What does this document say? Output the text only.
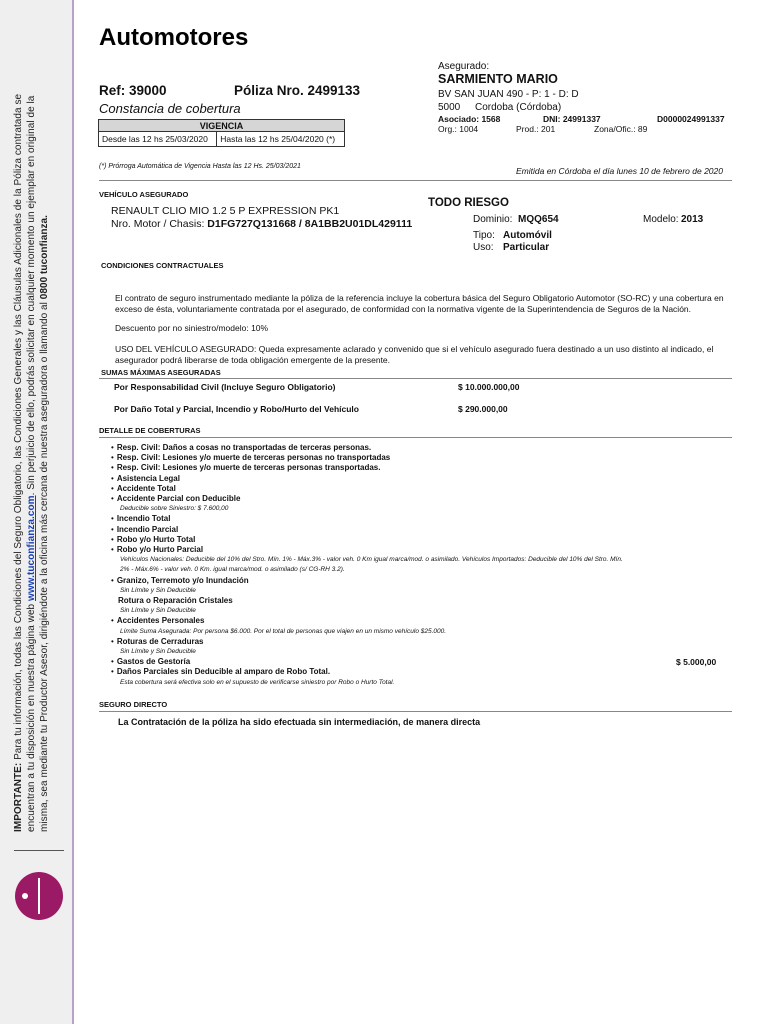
IMPORTANTE: Para tu información, todas las Condiciones del Seguro Obligatorio, las Condiciones Generales y las Cláusulas Adicionales de la Póliza contratada se encuentran a tu disposición en nuestra página web www.tuconfianza.com. Sin perjuicio de ello, podrás solicitar en cualquier momento un ejemplar en original de la misma, sea mediante tu Productor Asesor, dirigiéndote a la oficina más cercana de nuestra aseguradora o llamando al 0800 tuconfianza.
Automotores
Ref: 39000	Póliza Nro. 2499133
Constancia de cobertura
VIGENCIA
Desde las 12 hs 25/03/2020	Hasta las 12 hs 25/04/2020 (*)
Asegurado:
SARMIENTO MARIO
BV SAN JUAN 490 - P: 1 - D: D
5000 Cordoba (Córdoba)
Asociado: 1568	DNI: 24991337	D0000024991337
Org.: 1004	Prod.: 201	Zona/Ofic.: 89
(*) Prórroga Automática de Vigencia Hasta las 12 Hs. 25/03/2021	Emitida en Córdoba el día lunes 10 de febrero de 2020
VEHÍCULO ASEGURADO
RENAULT CLIO MIO 1.2 5 P EXPRESSION PK1
Nro. Motor / Chasis: D1FG727Q131668 / 8A1BB2U01DL429111
TODO RIESGO
Dominio: MQQ654	Modelo: 2013
Tipo: Automóvil
Uso: Particular
CONDICIONES CONTRACTUALES
El contrato de seguro instrumentado mediante la póliza de la referencia incluye la cobertura básica del Seguro Obligatorio Automotor (SO-RC) y una cobertura en exceso de ésta, voluntariamente contratada por el asegurado, de conformidad con la normativa vigente de la Superintendencia de Seguros de la Nación.
Descuento por no siniestro/modelo: 10%
USO DEL VEHÍCULO ASEGURADO: Queda expresamente aclarado y convenido que si el vehículo asegurado fuera destinado a un uso distinto al indicado, el asegurador podrá liberarse de toda obligación emergente de la presente.
SUMAS MÁXIMAS ASEGURADAS
Por Responsabilidad Civil (Incluye Seguro Obligatorio)	$ 10.000.000,00
Por Daño Total y Parcial, Incendio y Robo/Hurto del Vehículo	$ 290.000,00
DETALLE DE COBERTURAS
• Resp. Civil: Daños a cosas no transportadas de terceras personas.
• Resp. Civil: Lesiones y/o muerte de terceras personas no transportadas
• Resp. Civil: Lesiones y/o muerte de terceras personas transportadas.
• Asistencia Legal
• Accidente Total
• Accidente Parcial con Deducible
Deducible sobre Siniestro: $ 7.600,00
• Incendio Total
• Incendio Parcial
• Robo y/o Hurto Total
• Robo y/o Hurto Parcial
Vehículos Nacionales: Deducible del 10% del Stro. Mín. 1% - Máx.3% - valor veh. 0 Km igual marca/mod. o asimilado. Vehículos Importados: Deducible del 10% del Stro. Mín.
2% - Máx.6% - valor veh. 0 Km. igual marca/mod. o asimilado (s/ CG-RH 3.2).
• Granizo, Terremoto y/o Inundación
Sin Límite y Sin Deducible
Rotura o Reparación Cristales
Sin Límite y Sin Deducible
• Accidentes Personales
Límite Suma Asegurada: Por persona $6.000. Por el total de personas que viajen en un mismo vehículo $25.000.
• Roturas de Cerraduras
Sin Límite y Sin Deducible
• Gastos de Gestoría	$ 5.000,00
• Daños Parciales sin Deducible al amparo de Robo Total.
Esta cobertura será efectiva solo en el supuesto de verificarse siniestro por Robo o Hurto Total.
SEGURO DIRECTO
La Contratación de la póliza ha sido efectuada sin intermediación, de manera directa
